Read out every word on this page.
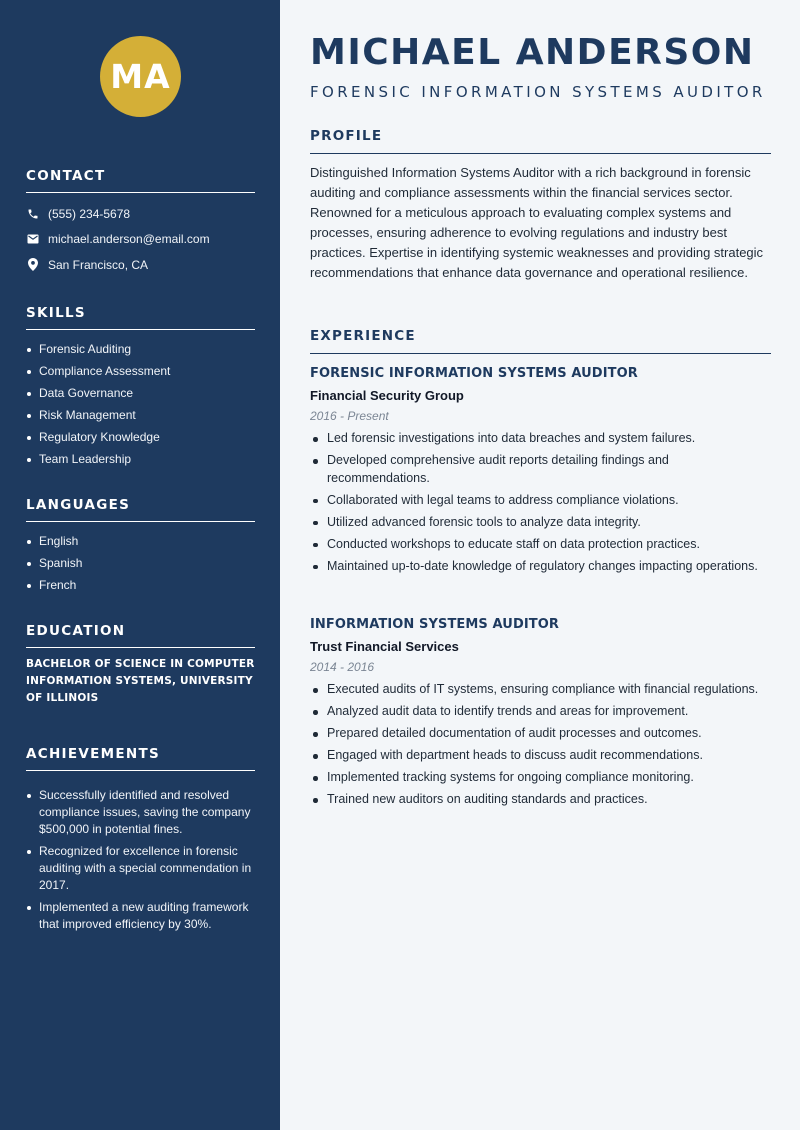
MA
CONTACT
(555) 234-5678
michael.anderson@email.com
San Francisco, CA
SKILLS
Forensic Auditing
Compliance Assessment
Data Governance
Risk Management
Regulatory Knowledge
Team Leadership
LANGUAGES
English
Spanish
French
EDUCATION

BACHELOR OF SCIENCE IN COMPUTER INFORMATION SYSTEMS, UNIVERSITY OF ILLINOIS

ACHIEVEMENTS
Successfully identified and resolved compliance issues, saving the company $500,000 in potential fines.
Recognized for excellence in forensic auditing with a special commendation in 2017.
Implemented a new auditing framework that improved efficiency by 30%.
MICHAEL ANDERSON
FORENSIC INFORMATION SYSTEMS AUDITOR
PROFILE

Distinguished Information Systems Auditor with a rich background in forensic auditing and compliance assessments within the financial services sector. Renowned for a meticulous approach to evaluating complex systems and processes, ensuring adherence to evolving regulations and industry best practices. Expertise in identifying systemic weaknesses and providing strategic recommendations that enhance data governance and operational resilience.

EXPERIENCE
FORENSIC INFORMATION SYSTEMS AUDITOR
Financial Security Group
2016 - Present
Led forensic investigations into data breaches and system failures.
Developed comprehensive audit reports detailing findings and recommendations.
Collaborated with legal teams to address compliance violations.
Utilized advanced forensic tools to analyze data integrity.
Conducted workshops to educate staff on data protection practices.
Maintained up-to-date knowledge of regulatory changes impacting operations.
INFORMATION SYSTEMS AUDITOR
Trust Financial Services
2014 - 2016
Executed audits of IT systems, ensuring compliance with financial regulations.
Analyzed audit data to identify trends and areas for improvement.
Prepared detailed documentation of audit processes and outcomes.
Engaged with department heads to discuss audit recommendations.
Implemented tracking systems for ongoing compliance monitoring.
Trained new auditors on auditing standards and practices.
